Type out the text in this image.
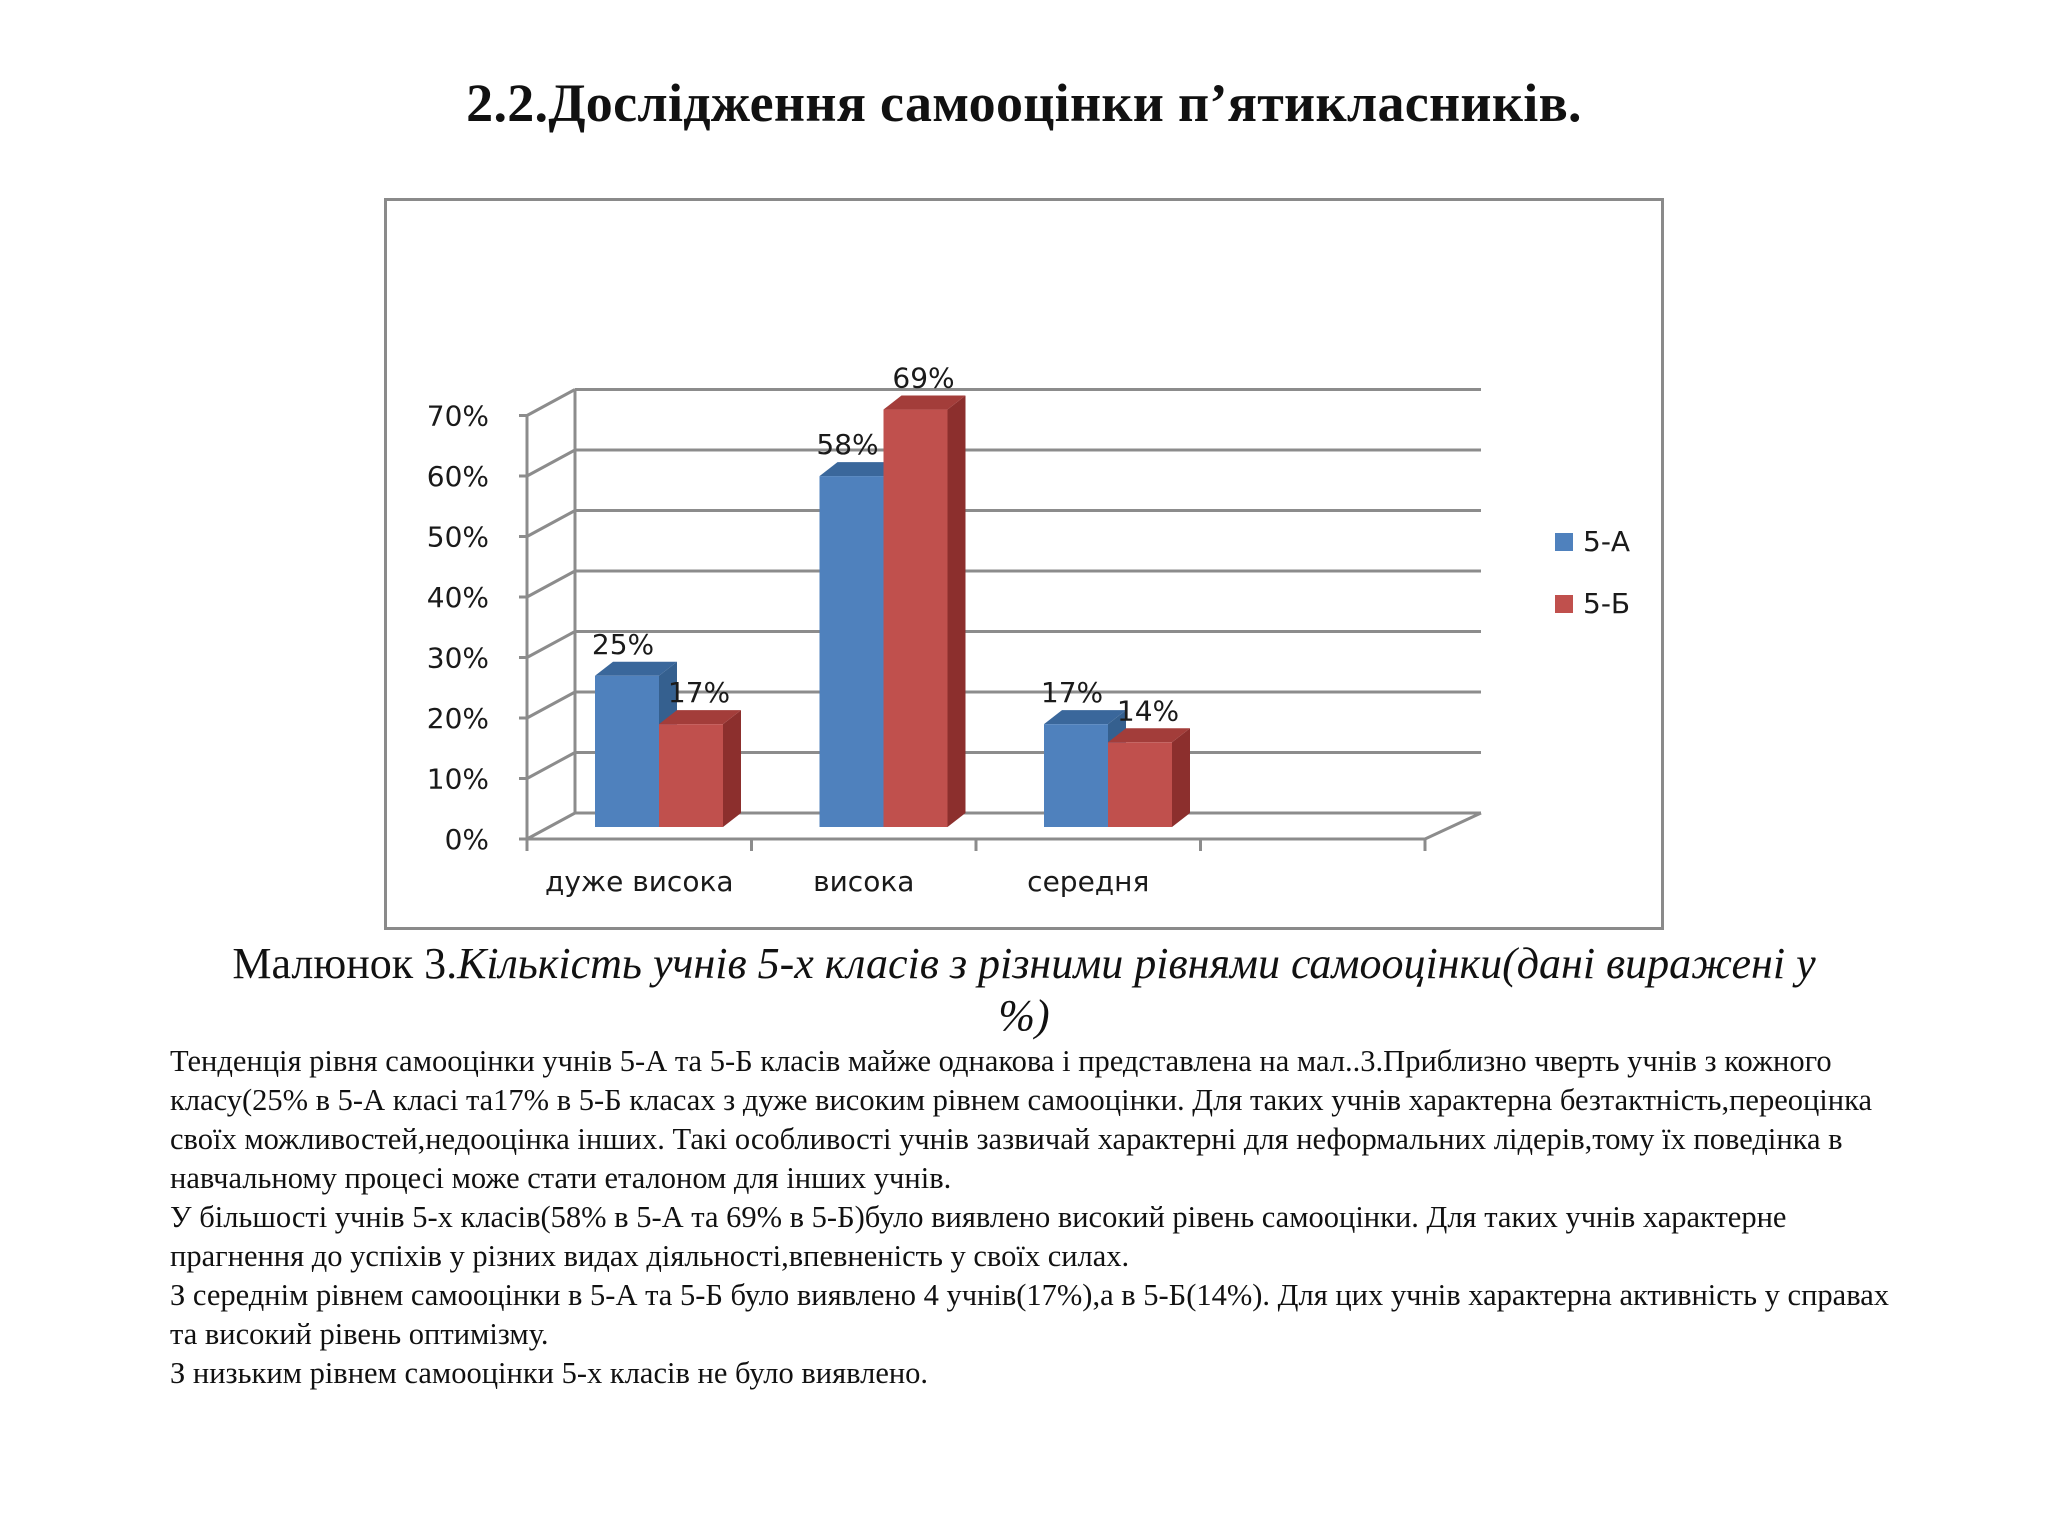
2.2.Дослідження самооцінки п’ятикласників.
0%
10%
20%
30%
40%
50%
60%
70%
дуже висока	висока	середня
25%
17%
58%
69%
17%
14%
5-А
5-Б
Малюнок 3.Кількість учнів 5-х класів з різними рівнями самооцінки(дані виражені у %)

Тенденція рівня самооцінки учнів 5-А та 5-Б класів майже однакова і представлена на мал..3.Приблизно чверть учнів з кожного класу(25% в 5-А класі та17% в 5-Б класах з дуже високим рівнем самооцінки. Для таких учнів характерна безтактність,переоцінка своїх можливостей,недооцінка інших. Такі особливості учнів зазвичай характерні для неформальних лідерів,тому їх поведінка в навчальному процесі може стати еталоном для інших учнів.

У більшості учнів 5-х класів(58% в 5-А та 69% в 5-Б)було виявлено високий рівень самооцінки. Для таких учнів характерне прагнення до успіхів у різних видах діяльності,впевненість у своїх силах.

З середнім рівнем самооцінки в 5-А та 5-Б було виявлено 4 учнів(17%),а в 5-Б(14%). Для цих учнів характерна активність у справах та високий рівень оптимізму.

З низьким рівнем самооцінки 5-х класів не було виявлено.
